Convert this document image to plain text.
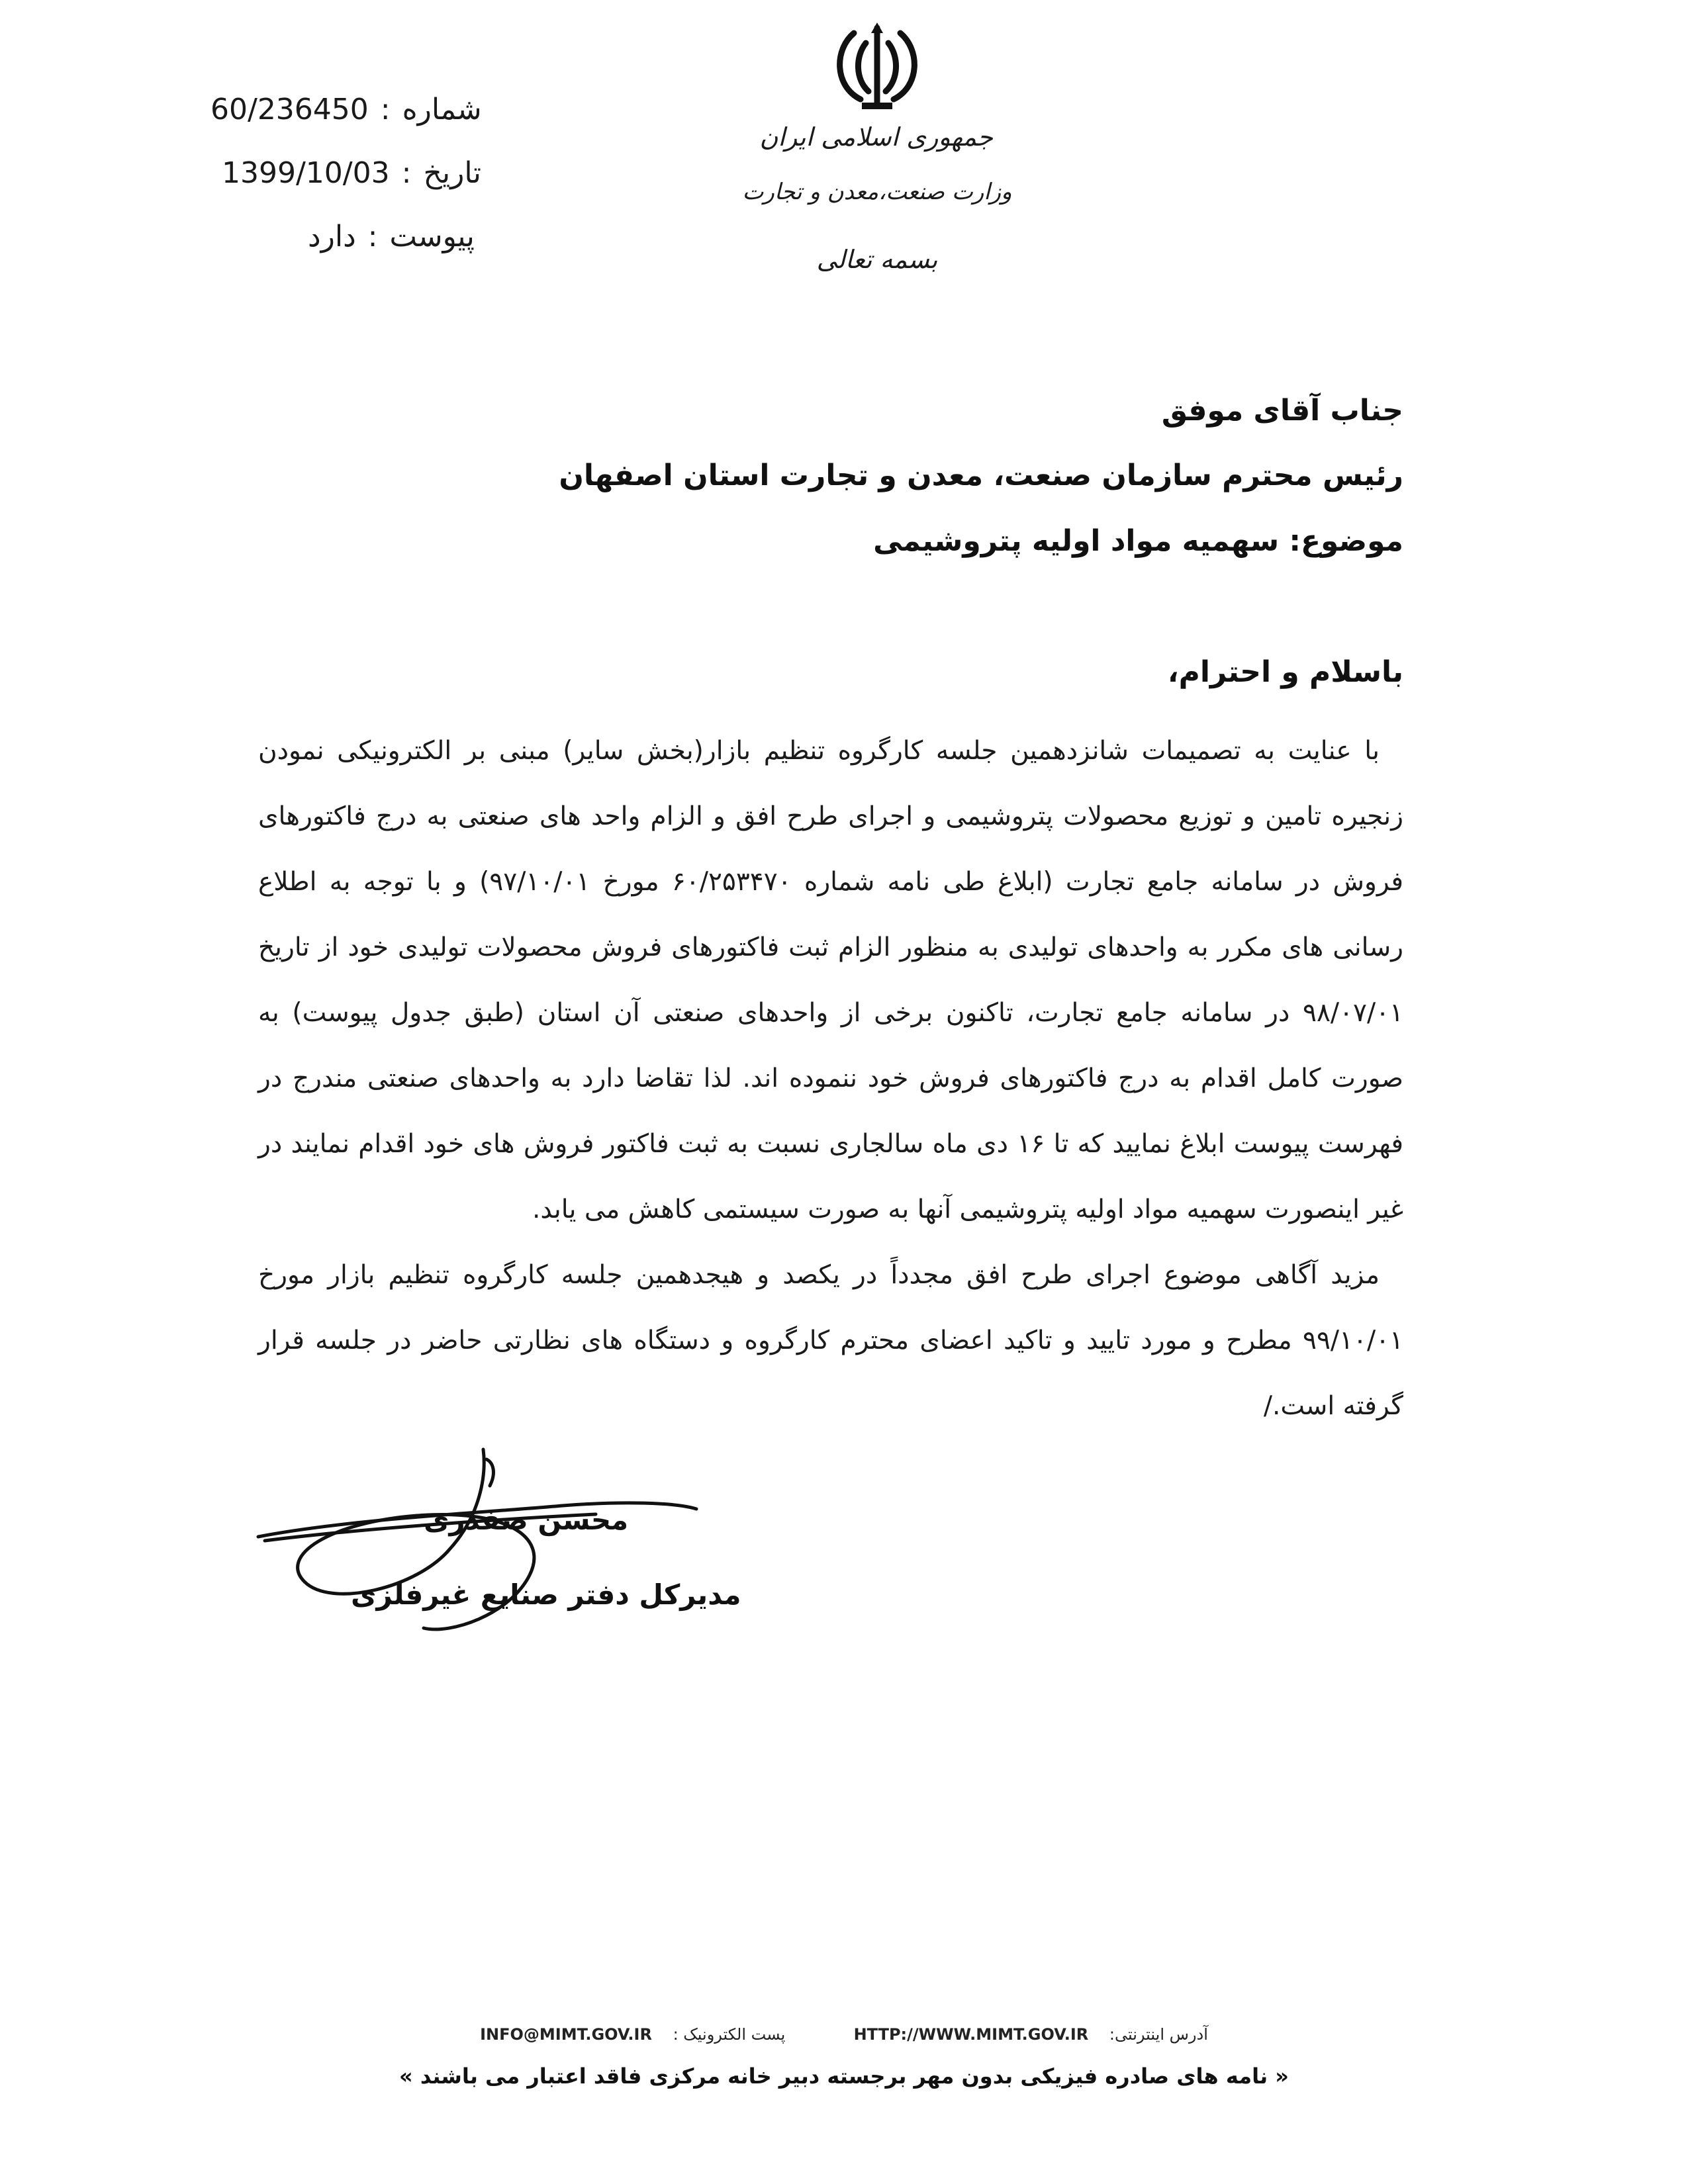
شماره:60/236450
تاریخ:1399/10/03
پیوست:دارد
جمهوری اسلامی ایران
وزارت صنعت،معدن و تجارت
بسمه تعالی
جناب آقای موفق
رئیس محترم سازمان صنعت، معدن و تجارت استان اصفهان
موضوع: سهمیه مواد اولیه پتروشیمی
باسلام و احترام،

با عنایت به تصمیمات شانزدهمین جلسه کارگروه تنظیم بازار(بخش سایر) مبنی بر الکترونیکی نمودن زنجیره تامین و توزیع محصولات پتروشیمی و اجرای طرح افق و الزام واحد های صنعتی به درج فاکتورهای فروش در سامانه جامع تجارت (ابلاغ طی نامه شماره ۶۰/۲۵۳۴۷۰ مورخ ۹۷/۱۰/۰۱) و با توجه به اطلاع رسانی های مکرر به واحدهای تولیدی به منظور الزام ثبت فاکتورهای فروش محصولات تولیدی خود از تاریخ ۹۸/۰۷/۰۱ در سامانه جامع تجارت، تاکنون برخی از واحدهای صنعتی آن استان (طبق جدول پیوست) به صورت کامل اقدام به درج فاکتورهای فروش خود ننموده اند. لذا تقاضا دارد به واحدهای صنعتی مندرج در فهرست پیوست ابلاغ نمایید که تا ۱۶ دی ماه سالجاری نسبت به ثبت فاکتور فروش های خود اقدام نمایند در غیر اینصورت سهمیه مواد اولیه پتروشیمی آنها به صورت سیستمی کاهش می یابد.

مزید آگاهی موضوع اجرای طرح افق مجدداً در یکصد و هیجدهمین جلسه کارگروه تنظیم بازار مورخ ۹۹/۱۰/۰۱ مطرح و مورد تایید و تاکید اعضای محترم کارگروه و دستگاه های نظارتی حاضر در جلسه قرار گرفته است./

محسن صفدری
مدیرکل دفتر صنایع غیرفلزی
INFO@MIMT.GOV.IR پست الکترونیک :	HTTP://WWW.MIMT.GOV.IR آدرس اینترنتی:
« نامه های صادره فیزیکی بدون مهر برجسته دبیر خانه مرکزی فاقد اعتبار می باشند »
